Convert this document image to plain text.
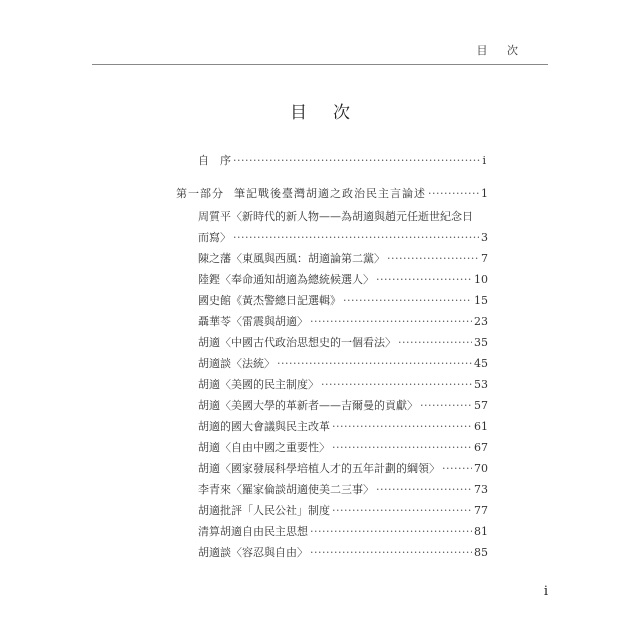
目 次
目次
自　序 ·····	i
第一部分 筆記戰後臺灣胡適之政治民主言論述 ·····	1
周質平〈新時代的新人物——為胡適與趙元任逝世紀念日
而寫〉 ·····	3
陳之藩〈東風與西風：胡適論第二黨〉 ·····	7
陸鏗〈奉命通知胡適為總統候選人〉 ·····	10
國史館《黃杰警總日記選輯》 ·····	15
聶華苓〈雷震與胡適〉 ·····	23
胡適〈中國古代政治思想史的一個看法〉 ·····	35
胡適談〈法統〉 ·····	45
胡適〈美國的民主制度〉 ·····	53
胡適〈美國大學的革新者——吉爾曼的貢獻〉 ·····	57
胡適的國大會議與民主改革 ·····	61
胡適〈自由中國之重要性〉 ·····	67
胡適〈國家發展科學培植人才的五年計劃的綱領〉 ·····	70
李青來〈羅家倫談胡適使美二三事〉 ·····	73
胡適批評「人民公社」制度 ·····	77
清算胡適自由民主思想 ·····	81
胡適談〈容忍與自由〉 ·····	85
i
